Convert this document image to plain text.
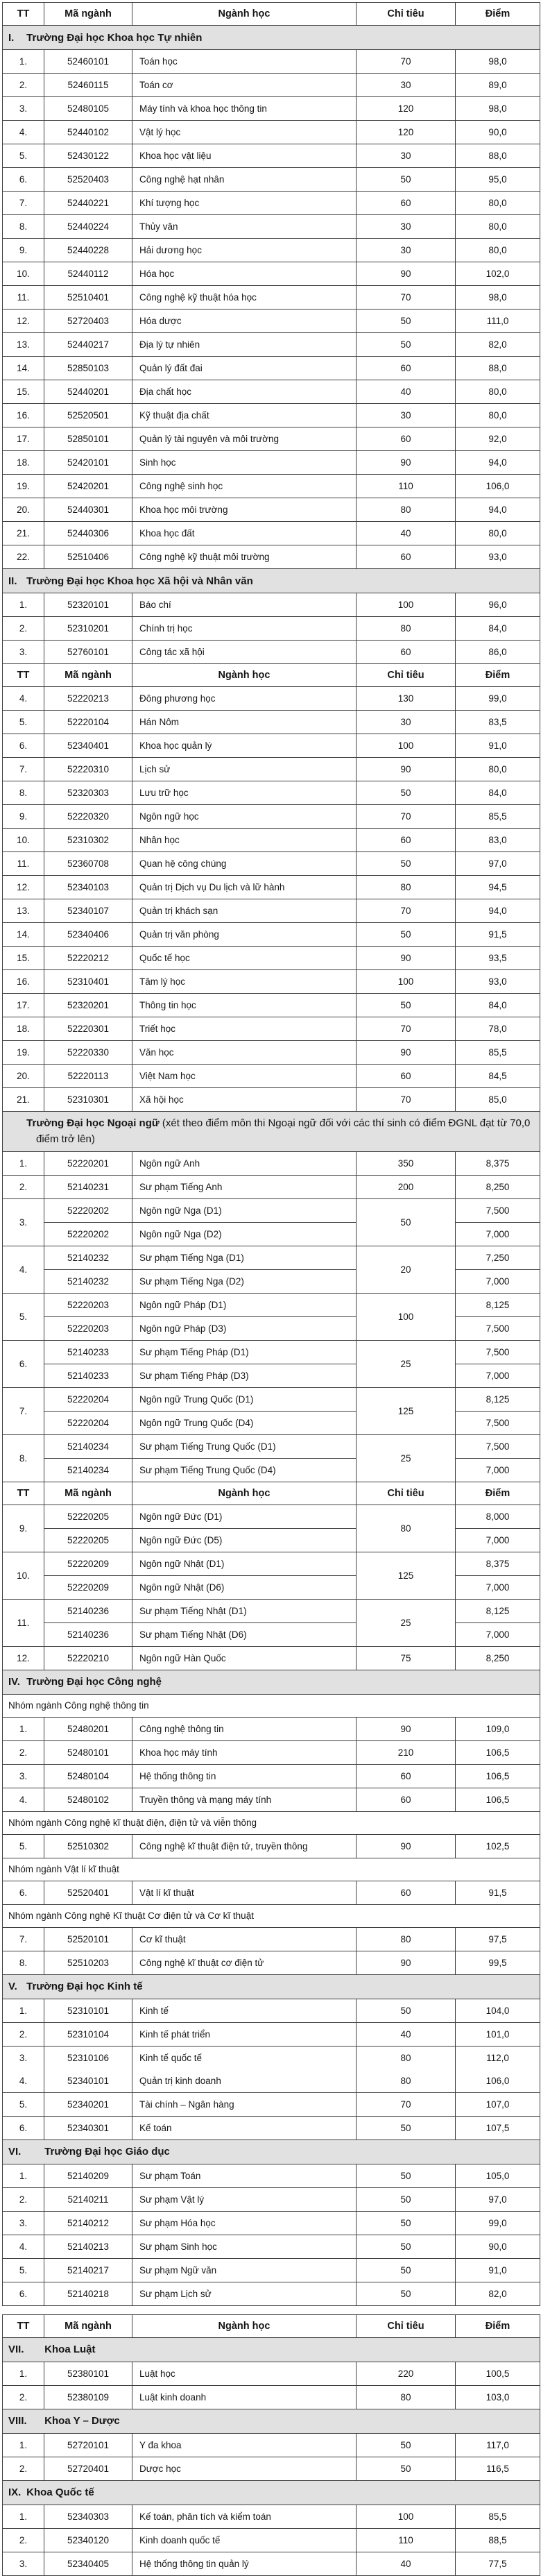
TT	Mã ngành	Ngành học	Chỉ tiêu	Điểm
I. Trường Đại học Khoa học Tự nhiên				
1.	52460101	Toán học	70	98,0
2.	52460115	Toán cơ	30	89,0
3.	52480105	Máy tính và khoa học thông tin	120	98,0
4.	52440102	Vật lý học	120	90,0
5.	52430122	Khoa học vật liệu	30	88,0
6.	52520403	Công nghệ hạt nhân	50	95,0
7.	52440221	Khí tượng học	60	80,0
8.	52440224	Thủy văn	30	80,0
9.	52440228	Hải dương học	30	80,0
10.	52440112	Hóa học	90	102,0
11.	52510401	Công nghệ kỹ thuật hóa học	70	98,0
12.	52720403	Hóa dược	50	111,0
13.	52440217	Địa lý tự nhiên	50	82,0
14.	52850103	Quản lý đất đai	60	88,0
15.	52440201	Địa chất học	40	80,0
16.	52520501	Kỹ thuật địa chất	30	80,0
17.	52850101	Quản lý tài nguyên và môi trường	60	92,0
18.	52420101	Sinh học	90	94,0
19.	52420201	Công nghệ sinh học	110	106,0
20.	52440301	Khoa học môi trường	80	94,0
21.	52440306	Khoa học đất	40	80,0
22.	52510406	Công nghệ kỹ thuật môi trường	60	93,0
II. Trường Đại học Khoa học Xã hội và Nhân văn				
1.	52320101	Báo chí	100	96,0
2.	52310201	Chính trị học	80	84,0
3.	52760101	Công tác xã hội	60	86,0
TT	Mã ngành	Ngành học	Chỉ tiêu	Điểm
4.	52220213	Đông phương học	130	99,0
5.	52220104	Hán Nôm	30	83,5
6.	52340401	Khoa học quản lý	100	91,0
7.	52220310	Lịch sử	90	80,0
8.	52320303	Lưu trữ học	50	84,0
9.	52220320	Ngôn ngữ học	70	85,5
10.	52310302	Nhân học	60	83,0
11.	52360708	Quan hệ công chúng	50	97,0
12.	52340103	Quản trị Dịch vụ Du lịch và lữ hành	80	94,5
13.	52340107	Quản trị khách sạn	70	94,0
14.	52340406	Quản trị văn phòng	50	91,5
15.	52220212	Quốc tế học	90	93,5
16.	52310401	Tâm lý học	100	93,0
17.	52320201	Thông tin học	50	84,0
18.	52220301	Triết học	70	78,0
19.	52220330	Văn học	90	85,5
20.	52220113	Việt Nam học	60	84,5
21.	52310301	Xã hội học	70	85,0
Trường Đại học Ngoại ngữ (xét theo điểm môn thi Ngoại ngữ đối với các thí sinh có điểm ĐGNL đạt từ 70,0 điểm trở lên)				
1.	52220201	Ngôn ngữ Anh	350	8,375
2.	52140231	Sư phạm Tiếng Anh	200	8,250
3.	52220202	Ngôn ngữ Nga (D1)	50	7,500
	52220202	Ngôn ngữ Nga (D2)		7,000
4.	52140232	Sư phạm Tiếng Nga (D1)	20	7,250
	52140232	Sư phạm Tiếng Nga (D2)		7,000
5.	52220203	Ngôn ngữ Pháp (D1)	100	8,125
	52220203	Ngôn ngữ Pháp (D3)		7,500
6.	52140233	Sư phạm Tiếng Pháp (D1)	25	7,500
	52140233	Sư phạm Tiếng Pháp (D3)		7,000
7.	52220204	Ngôn ngữ Trung Quốc (D1)	125	8,125
	52220204	Ngôn ngữ Trung Quốc (D4)		7,500
8.	52140234	Sư phạm Tiếng Trung Quốc (D1)	25	7,500
	52140234	Sư phạm Tiếng Trung Quốc (D4)		7,000
TT	Mã ngành	Ngành học	Chỉ tiêu	Điểm
9.	52220205	Ngôn ngữ Đức (D1)	80	8,000
	52220205	Ngôn ngữ Đức (D5)		7,000
10.	52220209	Ngôn ngữ Nhật (D1)	125	8,375
	52220209	Ngôn ngữ Nhật (D6)		7,000
11.	52140236	Sư phạm Tiếng Nhật (D1)	25	8,125
	52140236	Sư phạm Tiếng Nhật (D6)		7,000
12.	52220210	Ngôn ngữ Hàn Quốc	75	8,250
IV. Trường Đại học Công nghệ				
Nhóm ngành Công nghệ thông tin				
1.	52480201	Công nghệ thông tin	90	109,0
2.	52480101	Khoa học máy tính	210	106,5
3.	52480104	Hệ thống thông tin	60	106,5
4.	52480102	Truyền thông và mạng máy tính	60	106,5
Nhóm ngành Công nghệ kĩ thuật điện, điện tử và viễn thông				
5.	52510302	Công nghệ kĩ thuật điện tử, truyền thông	90	102,5
Nhóm ngành Vật lí kĩ thuật				
6.	52520401	Vật lí kĩ thuật	60	91,5
Nhóm ngành Công nghệ Kĩ thuật Cơ điện tử và Cơ kĩ thuật				
7.	52520101	Cơ kĩ thuật	80	97,5
8.	52510203	Công nghệ kĩ thuật cơ điện tử	90	99,5
V. Trường Đại học Kinh tế				
1.	52310101	Kinh tế	50	104,0
2.	52310104	Kinh tế phát triển	40	101,0
3.	52310106	Kinh tế quốc tế	80	112,0
4.	52340101	Quản trị kinh doanh	80	106,0
5.	52340201	Tài chính – Ngân hàng	70	107,0
6.	52340301	Kế toán	50	107,5
VI. Trường Đại học Giáo dục				
1.	52140209	Sư phạm Toán	50	105,0
2.	52140211	Sư phạm Vật lý	50	97,0
3.	52140212	Sư phạm Hóa học	50	99,0
4.	52140213	Sư phạm Sinh học	50	90,0
5.	52140217	Sư phạm Ngữ văn	50	91,0
6.	52140218	Sư phạm Lịch sử	50	82,0

TT	Mã ngành	Ngành học	Chỉ tiêu	Điểm
VII. Khoa Luật				
1.	52380101	Luật học	220	100,5
2.	52380109	Luật kinh doanh	80	103,0
VIII. Khoa Y – Dược				
1.	52720101	Y đa khoa	50	117,0
2.	52720401	Dược học	50	116,5
IX. Khoa Quốc tế				
1.	52340303	Kế toán, phân tích và kiểm toán	100	85,5
2.	52340120	Kinh doanh quốc tế	110	88,5
3.	52340405	Hệ thống thông tin quản lý	40	77,5
